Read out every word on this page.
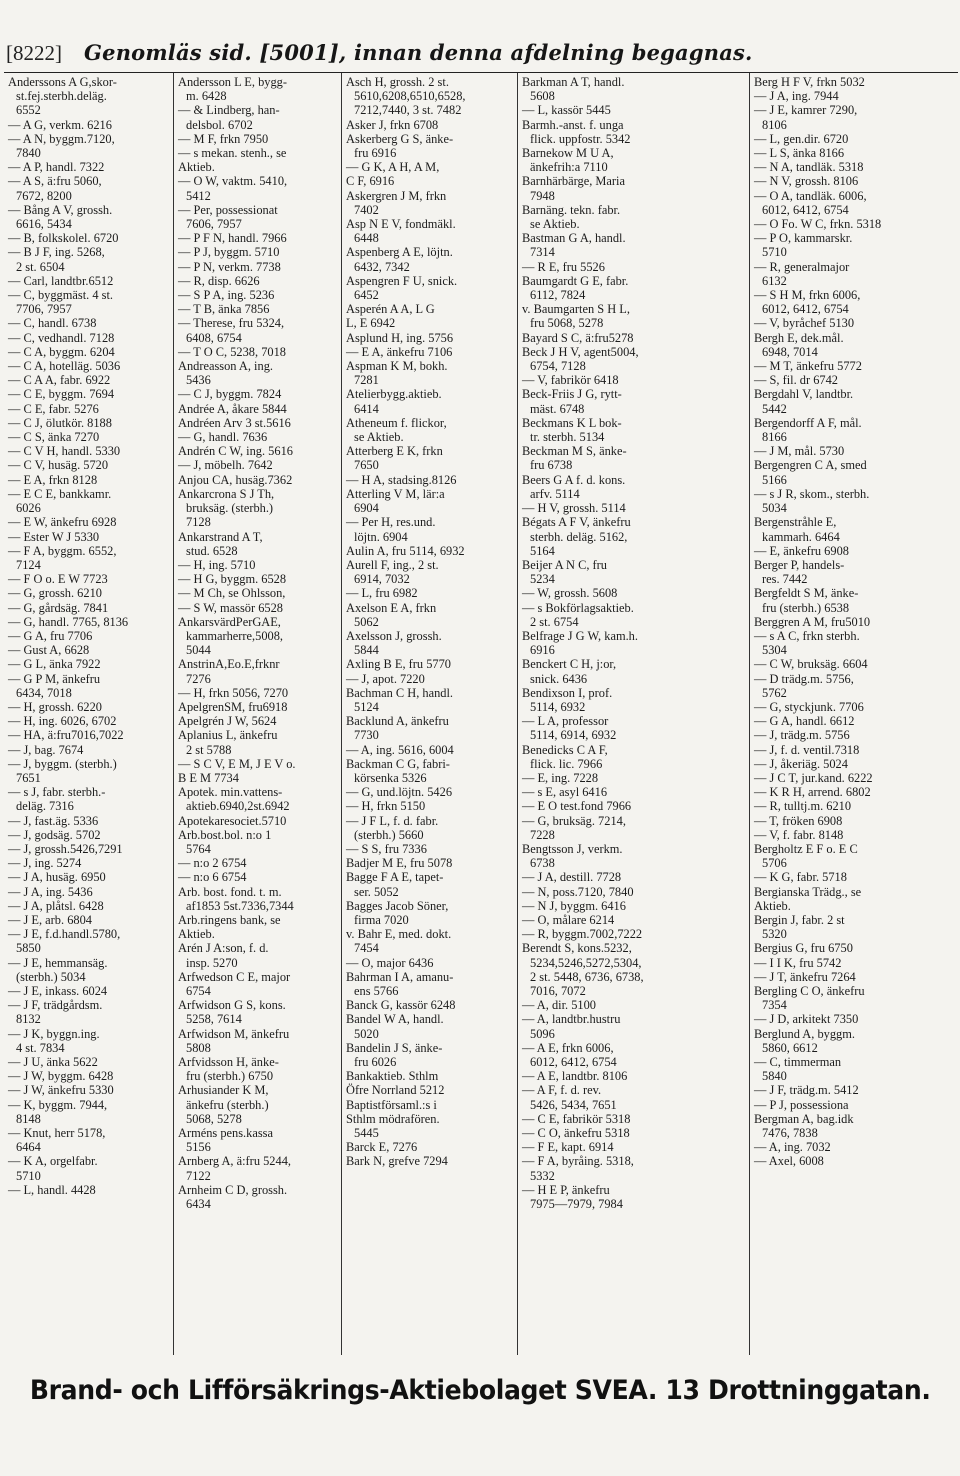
[8222] Genomläs sid. [5001], innan denna afdelning begagnas.
Anderssons A G,skor-
st.fej.sterbh.deläg.
6552
— A G, verkm. 6216
— A N, byggm.7120,
7840
— A P, handl. 7322
— A S, ä:fru 5060,
7672, 8200
— Bång A V, grossh.
6616, 5434
— B, folkskolel. 6720
— B J F, ing. 5268,
2 st. 6504
— Carl, landtbr.6512
— C, byggmäst. 4 st.
7706, 7957
— C, handl. 6738
— C, vedhandl. 7128
— C A, byggm. 6204
— C A, hotelläg. 5036
— C A A, fabr. 6922
— C E, byggm. 7694
— C E, fabr. 5276
— C J, ölutkör. 8188
— C S, änka 7270
— C V H, handl. 5330
— C V, husäg. 5720
— E A, frkn 8128
— E C E, bankkamr.
6026
— E W, änkefru 6928
— Ester W J 5330
— F A, byggm. 6552,
7124
— F O o. E W 7723
— G, grossh. 6210
— G, gårdsäg. 7841
— G, handl. 7765, 8136
— G A, fru 7706
— Gust A, 6628
— G L, änka 7922
— G P M, änkefru
6434, 7018
— H, grossh. 6220
— H, ing. 6026, 6702
— HA, ä:fru7016,7022
— J, bag. 7674
— J, byggm. (sterbh.)
7651
— s J, fabr. sterbh.-
deläg. 7316
— J, fast.äg. 5336
— J, godsäg. 5702
— J, grossh.5426,7291
— J, ing. 5274
— J A, husäg. 6950
— J A, ing. 5436
— J A, plåtsl. 6428
— J E, arb. 6804
— J E, f.d.handl.5780,
5850
— J E, hemmansäg.
(sterbh.) 5034
— J E, inkass. 6024
— J F, trädgårdsm.
8132
— J K, byggn.ing.
4 st. 7834
— J U, änka 5622
— J W, byggm. 6428
— J W, änkefru 5330
— K, byggm. 7944,
8148
— Knut, herr 5178,
6464
— K A, orgelfabr.
5710
— L, handl. 4428
Andersson L E, bygg-
m. 6428
— & Lindberg, han-
delsbol. 6702
— M F, frkn 7950
— s mekan. stenh., se
Aktieb.
— O W, vaktm. 5410,
5412
— Per, possessionat
7606, 7957
— P F N, handl. 7966
— P J, byggm. 5710
— P N, verkm. 7738
— R, disp. 6626
— S P A, ing. 5236
— T B, änka 7856
— Therese, fru 5324,
6408, 6754
— T O C, 5238, 7018
Andreasson A, ing.
5436
— C J, byggm. 7824
Andrée A, åkare 5844
Andréen Arv 3 st.5616
— G, handl. 7636
Andrén C W, ing. 5616
— J, möbelh. 7642
Anjou CA, husäg.7362
Ankarcrona S J Th,
bruksäg. (sterbh.)
7128
Ankarstrand A T,
stud. 6528
— H, ing. 5710
— H G, byggm. 6528
— M Ch, se Ohlsson,
— S W, massör 6528
AnkarsvärdPerGAE,
kammarherre,5008,
5044
AnstrinA,Eo.E,frknr
7276
— H, frkn 5056, 7270
ApelgrenSM, fru6918
Apelgrén J W, 5624
Aplanius L, änkefru
2 st 5788
— S C V, E M, J E V o.
B E M 7734
Apotek. min.vattens-
aktieb.6940,2st.6942
Apotekaresociet.5710
Arb.bost.bol. n:o 1
5764
— n:o 2 6754
— n:o 6 6754
Arb. bost. fond. t. m.
af1853 5st.7336,7344
Arb.ringens bank, se
Aktieb.
Arén J A:son, f. d.
insp. 5270
Arfwedson C E, major
6754
Arfwidson G S, kons.
5258, 7614
Arfwidson M, änkefru
5808
Arfvidsson H, änke-
fru (sterbh.) 6750
Arhusiander K M,
änkefru (sterbh.)
5068, 5278
Arméns pens.kassa
5156
Arnberg A, ä:fru 5244,
7122
Arnheim C D, grossh.
6434
Asch H, grossh. 2 st.
5610,6208,6510,6528,
7212,7440, 3 st. 7482
Asker J, frkn 6708
Askerberg G S, änke-
fru 6916
— G K, A H, A M,
C F, 6916
Askergren J M, frkn
7402
Asp N E V, fondmäkl.
6448
Aspenberg A E, löjtn.
6432, 7342
Aspengren F U, snick.
6452
Asperén A A, L G
L, E 6942
Asplund H, ing. 5756
— E A, änkefru 7106
Aspman K M, bokh.
7281
Atelierbygg.aktieb.
6414
Atheneum f. flickor,
se Aktieb.
Atterberg E K, frkn
7650
— H A, stadsing.8126
Atterling V M, lär:a
6904
— Per H, res.und.
löjtn. 6904
Aulin A, fru 5114, 6932
Aurell F, ing., 2 st.
6914, 7032
— L, fru 6982
Axelson E A, frkn
5062
Axelsson J, grossh.
5844
Axling B E, fru 5770
— J, apot. 7220
Bachman C H, handl.
5124
Backlund A, änkefru
7730
— A, ing. 5616, 6004
Backman C G, fabri-
körsenka 5326
— G, und.löjtn. 5426
— H, frkn 5150
— J F L, f. d. fabr.
(sterbh.) 5660
— S S, fru 7336
Badjer M E, fru 5078
Bagge F A E, tapet-
ser. 5052
Bagges Jacob Söner,
firma 7020
v. Bahr E, med. dokt.
7454
— O, major 6436
Bahrman I A, amanu-
ens 5766
Banck G, kassör 6248
Bandel W A, handl.
5020
Bandelin J S, änke-
fru 6026
Bankaktieb. Sthlm
Öfre Norrland 5212
Baptistförsaml.:s i
Sthlm mödrafören.
5445
Barck E, 7276
Bark N, grefve 7294
Barkman A T, handl.
5608
— L, kassör 5445
Barmh.-anst. f. unga
flick. uppfostr. 5342
Barnekow M U A,
änkefrih:a 7110
Barnhärbärge, Maria
7948
Barnäng. tekn. fabr.
se Aktieb.
Bastman G A, handl.
7314
— R E, fru 5526
Baumgardt G E, fabr.
6112, 7824
v. Baumgarten S H L,
fru 5068, 5278
Bayard S C, ä:fru5278
Beck J H V, agent5004,
6754, 7128
— V, fabrikör 6418
Beck-Friis J G, rytt-
mäst. 6748
Beckmans K L bok-
tr. sterbh. 5134
Beckman M S, änke-
fru 6738
Beers G A f. d. kons.
arfv. 5114
— H V, grossh. 5114
Bégats A F V, änkefru
sterbh. deläg. 5162,
5164
Beijer A N C, fru
5234
— W, grossh. 5608
— s Bokförlagsaktieb.
2 st. 6754
Belfrage J G W, kam.h.
6916
Benckert C H, j:or,
snick. 6436
Bendixson I, prof.
5114, 6932
— L A, professor
5114, 6914, 6932
Benedicks C A F,
flick. lic. 7966
— E, ing. 7228
— s E, asyl 6416
— E O test.fond 7966
— G, bruksäg. 7214,
7228
Bengtsson J, verkm.
6738
— J A, destill. 7728
— N, poss.7120, 7840
— N J, byggm. 6416
— O, målare 6214
— R, byggm.7002,7222
Berendt S, kons.5232,
5234,5246,5272,5304,
2 st. 5448, 6736, 6738,
7016, 7072
— A, dir. 5100
— A, landtbr.hustru
5096
— A E, frkn 6006,
6012, 6412, 6754
— A E, landtbr. 8106
— A F, f. d. rev.
5426, 5434, 7651
— C E, fabrikör 5318
— C O, änkefru 5318
— F E, kapt. 6914
— F A, byråing. 5318,
5332
— H E P, änkefru
7975—7979, 7984
Berg H F V, frkn 5032
— J A, ing. 7944
— J E, kamrer 7290,
8106
— L, gen.dir. 6720
— L S, änka 8166
— N A, tandläk. 5318
— N V, grossh. 8106
— O A, tandläk. 6006,
6012, 6412, 6754
— O Fo. W C, frkn. 5318
— P O, kammarskr.
5710
— R, generalmajor
6132
— S H M, frkn 6006,
6012, 6412, 6754
— V, byråchef 5130
Bergh E, dek.mål.
6948, 7014
— M T, änkefru 5772
— S, fil. dr 6742
Bergdahl V, landtbr.
5442
Bergendorff A F, mål.
8166
— J M, mål. 5730
Bergengren C A, smed
5166
— s J R, skom., sterbh.
5034
Bergenstråhle E,
kammarh. 6464
— E, änkefru 6908
Berger P, handels-
res. 7442
Bergfeldt S M, änke-
fru (sterbh.) 6538
Berggren A M, fru5010
— s A C, frkn sterbh.
5304
— C W, bruksäg. 6604
— D trädg.m. 5756,
5762
— G, styckjunk. 7706
— G A, handl. 6612
— J, trädg.m. 5756
— J, f. d. ventil.7318
— J, åkeriäg. 5024
— J C T, jur.kand. 6222
— K R H, arrend. 6802
— R, tulltj.m. 6210
— T, fröken 6908
— V, f. fabr. 8148
Bergholtz E F o. E C
5706
— K G, fabr. 5718
Bergianska Trädg., se
Aktieb.
Bergin J, fabr. 2 st
5320
Bergius G, fru 6750
— I I K, fru 5742
— J T, änkefru 7264
Bergling C O, änkefru
7354
— J D, arkitekt 7350
Berglund A, byggm.
5860, 6612
— C, timmerman
5840
— J F, trädg.m. 5412
— P J, possessiona
Bergman A, bag.idk
7476, 7838
— A, ing. 7032
— Axel, 6008
Brand- och Lifförsäkrings-Aktiebolaget SVEA. 13 Drottninggatan.
